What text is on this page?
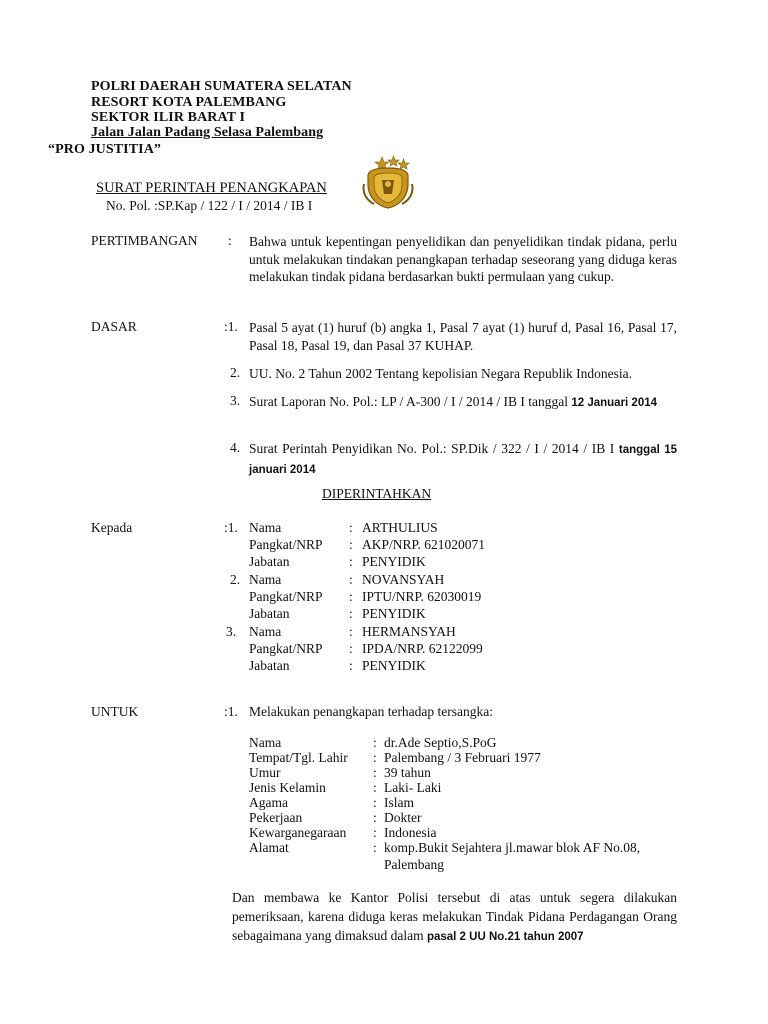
POLRI DAERAH SUMATERA SELATAN
RESORT KOTA PALEMBANG
SEKTOR ILIR BARAT I
Jalan Jalan Padang Selasa Palembang
“PRO JUSTITIA”
SURAT PERINTAH PENANGKAPAN
No. Pol. :SP.Kap / 122 / I / 2014 / IB I
PERTIMBANGAN : Bahwa untuk kepentingan penyelidikan dan penyelidikan tindak pidana, perlu untuk melakukan tindakan penangkapan terhadap seseorang yang diduga keras melakukan tindak pidana berdasarkan bukti permulaan yang cukup.
DASAR	:1. Pasal 5 ayat (1) huruf (b) angka 1, Pasal 7 ayat (1) huruf d, Pasal 16, Pasal 17, Pasal 18, Pasal 19, dan Pasal 37 KUHAP.
2. UU. No. 2 Tahun 2002 Tentang kepolisian Negara Republik Indonesia.
3. Surat Laporan No. Pol.: LP / A-300 / I / 2014 / IB I tanggal 12 Januari 2014
4. Surat Perintah Penyidikan No. Pol.: SP.Dik / 322 / I / 2014 / IB I tanggal 15 januari 2014
DIPERINTAHKAN
Kepada	:1. Nama	: ARTHULIUS
Pangkat/NRP : AKP/NRP. 621020071
Jabatan	: PENYIDIK
2. Nama	: NOVANSYAH
Pangkat/NRP : IPTU/NRP. 62030019
Jabatan	: PENYIDIK
3. Nama	: HERMANSYAH
Pangkat/NRP : IPDA/NRP. 62122099
Jabatan	: PENYIDIK
UNTUK	:1. Melakukan penangkapan terhadap tersangka:
Nama	: dr.Ade Septio,S.PoG
Tempat/Tgl. Lahir : Palembang / 3 Februari 1977
Umur	: 39 tahun
Jenis Kelamin	: Laki- Laki
Agama	: Islam
Pekerjaan	: Dokter
Kewarganegaraan : Indonesia
Alamat	: komp.Bukit Sejahtera jl.mawar blok AF No.08,
Palembang
Dan membawa ke Kantor Polisi tersebut di atas untuk segera dilakukan pemeriksaan, karena diduga keras melakukan Tindak Pidana Perdagangan Orang sebagaimana yang dimaksud dalam pasal 2 UU No.21 tahun 2007
